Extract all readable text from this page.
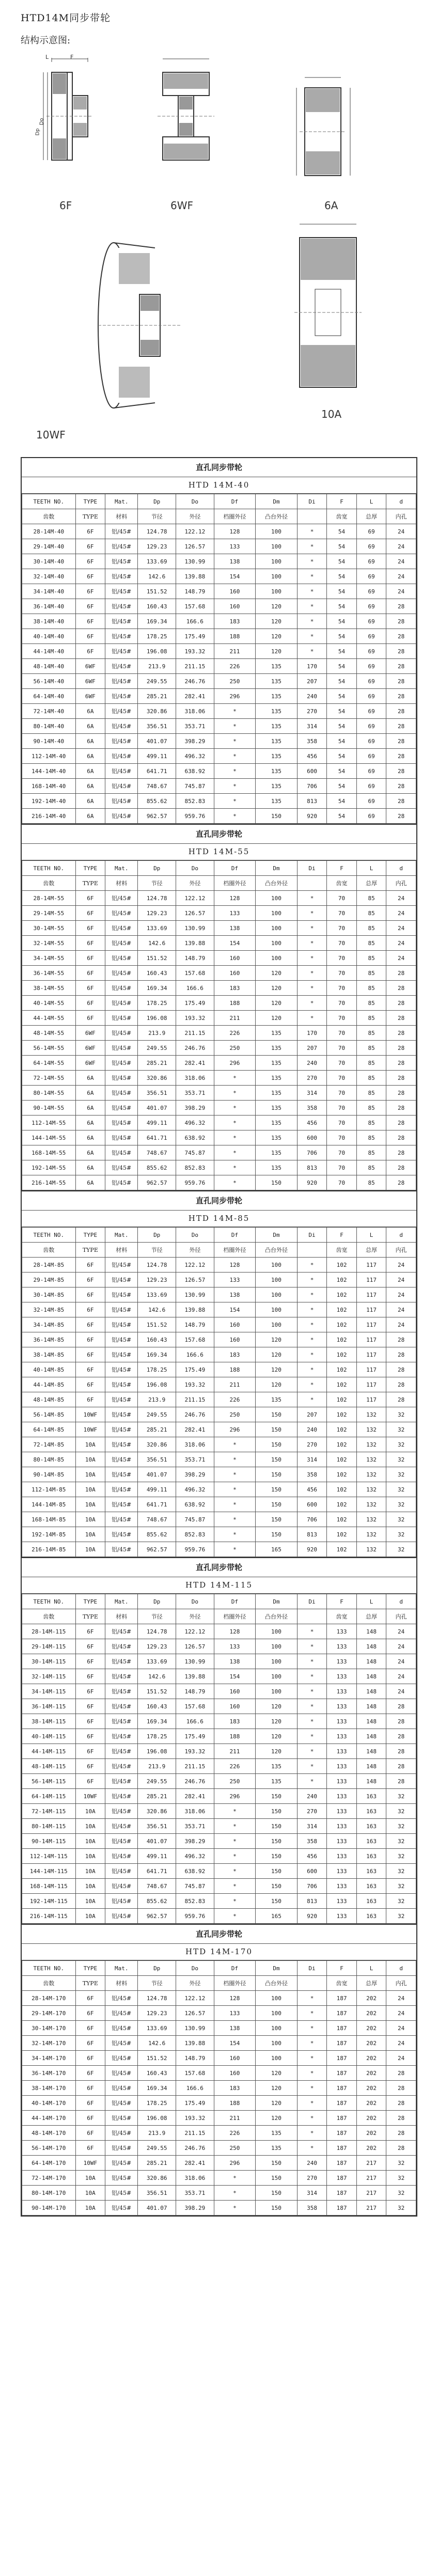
HTD14M同步带轮
结构示意图:
L	F
Dp
Do
6F	6WF	6A
10WF
10A
直孔同步带轮
HTD 14M-40
TEETH NO.	TYPE	Mat.	Dp	Do	Df	Dm	Di	F	L	d
齿数	TYPE	材料	节径	外径	档圈外径	凸台外径		齿宽	总厚	内孔
28-14M-40	6F	铝/45#	124.78	122.12	128	100	*	54	69	24
29-14M-40	6F	铝/45#	129.23	126.57	133	100	*	54	69	24
30-14M-40	6F	铝/45#	133.69	130.99	138	100	*	54	69	24
32-14M-40	6F	铝/45#	142.6	139.88	154	100	*	54	69	24
34-14M-40	6F	铝/45#	151.52	148.79	160	100	*	54	69	24
36-14M-40	6F	铝/45#	160.43	157.68	160	120	*	54	69	28
38-14M-40	6F	铝/45#	169.34	166.6	183	120	*	54	69	28
40-14M-40	6F	铝/45#	178.25	175.49	188	120	*	54	69	28
44-14M-40	6F	铝/45#	196.08	193.32	211	120	*	54	69	28
48-14M-40	6WF	铝/45#	213.9	211.15	226	135	170	54	69	28
56-14M-40	6WF	铝/45#	249.55	246.76	250	135	207	54	69	28
64-14M-40	6WF	铝/45#	285.21	282.41	296	135	240	54	69	28
72-14M-40	6A	铝/45#	320.86	318.06	*	135	270	54	69	28
80-14M-40	6A	铝/45#	356.51	353.71	*	135	314	54	69	28
90-14M-40	6A	铝/45#	401.07	398.29	*	135	358	54	69	28
112-14M-40	6A	铝/45#	499.11	496.32	*	135	456	54	69	28
144-14M-40	6A	铝/45#	641.71	638.92	*	135	600	54	69	28
168-14M-40	6A	铝/45#	748.67	745.87	*	135	706	54	69	28
192-14M-40	6A	铝/45#	855.62	852.83	*	135	813	54	69	28
216-14M-40	6A	铝/45#	962.57	959.76	*	150	920	54	69	28
直孔同步带轮
HTD 14M-55
TEETH NO.	TYPE	Mat.	Dp	Do	Df	Dm	Di	F	L	d
齿数	TYPE	材料	节径	外径	档圈外径	凸台外径		齿宽	总厚	内孔
28-14M-55	6F	铝/45#	124.78	122.12	128	100	*	70	85	24
29-14M-55	6F	铝/45#	129.23	126.57	133	100	*	70	85	24
30-14M-55	6F	铝/45#	133.69	130.99	138	100	*	70	85	24
32-14M-55	6F	铝/45#	142.6	139.88	154	100	*	70	85	24
34-14M-55	6F	铝/45#	151.52	148.79	160	100	*	70	85	24
36-14M-55	6F	铝/45#	160.43	157.68	160	120	*	70	85	28
38-14M-55	6F	铝/45#	169.34	166.6	183	120	*	70	85	28
40-14M-55	6F	铝/45#	178.25	175.49	188	120	*	70	85	28
44-14M-55	6F	铝/45#	196.08	193.32	211	120	*	70	85	28
48-14M-55	6WF	铝/45#	213.9	211.15	226	135	170	70	85	28
56-14M-55	6WF	铝/45#	249.55	246.76	250	135	207	70	85	28
64-14M-55	6WF	铝/45#	285.21	282.41	296	135	240	70	85	28
72-14M-55	6A	铝/45#	320.86	318.06	*	135	270	70	85	28
80-14M-55	6A	铝/45#	356.51	353.71	*	135	314	70	85	28
90-14M-55	6A	铝/45#	401.07	398.29	*	135	358	70	85	28
112-14M-55	6A	铝/45#	499.11	496.32	*	135	456	70	85	28
144-14M-55	6A	铝/45#	641.71	638.92	*	135	600	70	85	28
168-14M-55	6A	铝/45#	748.67	745.87	*	135	706	70	85	28
192-14M-55	6A	铝/45#	855.62	852.83	*	135	813	70	85	28
216-14M-55	6A	铝/45#	962.57	959.76	*	150	920	70	85	28
直孔同步带轮
HTD 14M-85
TEETH NO.	TYPE	Mat.	Dp	Do	Df	Dm	Di	F	L	d
齿数	TYPE	材料	节径	外径	档圈外径	凸台外径		齿宽	总厚	内孔
28-14M-85	6F	铝/45#	124.78	122.12	128	100	*	102	117	24
29-14M-85	6F	铝/45#	129.23	126.57	133	100	*	102	117	24
30-14M-85	6F	铝/45#	133.69	130.99	138	100	*	102	117	24
32-14M-85	6F	铝/45#	142.6	139.88	154	100	*	102	117	24
34-14M-85	6F	铝/45#	151.52	148.79	160	100	*	102	117	24
36-14M-85	6F	铝/45#	160.43	157.68	160	120	*	102	117	28
38-14M-85	6F	铝/45#	169.34	166.6	183	120	*	102	117	28
40-14M-85	6F	铝/45#	178.25	175.49	188	120	*	102	117	28
44-14M-85	6F	铝/45#	196.08	193.32	211	120	*	102	117	28
48-14M-85	6F	铝/45#	213.9	211.15	226	135	*	102	117	28
56-14M-85	10WF	铝/45#	249.55	246.76	250	150	207	102	132	32
64-14M-85	10WF	铝/45#	285.21	282.41	296	150	240	102	132	32
72-14M-85	10A	铝/45#	320.86	318.06	*	150	270	102	132	32
80-14M-85	10A	铝/45#	356.51	353.71	*	150	314	102	132	32
90-14M-85	10A	铝/45#	401.07	398.29	*	150	358	102	132	32
112-14M-85	10A	铝/45#	499.11	496.32	*	150	456	102	132	32
144-14M-85	10A	铝/45#	641.71	638.92	*	150	600	102	132	32
168-14M-85	10A	铝/45#	748.67	745.87	*	150	706	102	132	32
192-14M-85	10A	铝/45#	855.62	852.83	*	150	813	102	132	32
216-14M-85	10A	铝/45#	962.57	959.76	*	165	920	102	132	32
直孔同步带轮
HTD 14M-115
TEETH NO.	TYPE	Mat.	Dp	Do	Df	Dm	Di	F	L	d
齿数	TYPE	材料	节径	外径	档圈外径	凸台外径		齿宽	总厚	内孔
28-14M-115	6F	铝/45#	124.78	122.12	128	100	*	133	148	24
29-14M-115	6F	铝/45#	129.23	126.57	133	100	*	133	148	24
30-14M-115	6F	铝/45#	133.69	130.99	138	100	*	133	148	24
32-14M-115	6F	铝/45#	142.6	139.88	154	100	*	133	148	24
34-14M-115	6F	铝/45#	151.52	148.79	160	100	*	133	148	24
36-14M-115	6F	铝/45#	160.43	157.68	160	120	*	133	148	28
38-14M-115	6F	铝/45#	169.34	166.6	183	120	*	133	148	28
40-14M-115	6F	铝/45#	178.25	175.49	188	120	*	133	148	28
44-14M-115	6F	铝/45#	196.08	193.32	211	120	*	133	148	28
48-14M-115	6F	铝/45#	213.9	211.15	226	135	*	133	148	28
56-14M-115	6F	铝/45#	249.55	246.76	250	135	*	133	148	28
64-14M-115	10WF	铝/45#	285.21	282.41	296	150	240	133	163	32
72-14M-115	10A	铝/45#	320.86	318.06	*	150	270	133	163	32
80-14M-115	10A	铝/45#	356.51	353.71	*	150	314	133	163	32
90-14M-115	10A	铝/45#	401.07	398.29	*	150	358	133	163	32
112-14M-115	10A	铝/45#	499.11	496.32	*	150	456	133	163	32
144-14M-115	10A	铝/45#	641.71	638.92	*	150	600	133	163	32
168-14M-115	10A	铝/45#	748.67	745.87	*	150	706	133	163	32
192-14M-115	10A	铝/45#	855.62	852.83	*	150	813	133	163	32
216-14M-115	10A	铝/45#	962.57	959.76	*	165	920	133	163	32
直孔同步带轮
HTD 14M-170
TEETH NO.	TYPE	Mat.	Dp	Do	Df	Dm	Di	F	L	d
齿数	TYPE	材料	节径	外径	档圈外径	凸台外径		齿宽	总厚	内孔
28-14M-170	6F	铝/45#	124.78	122.12	128	100	*	187	202	24
29-14M-170	6F	铝/45#	129.23	126.57	133	100	*	187	202	24
30-14M-170	6F	铝/45#	133.69	130.99	138	100	*	187	202	24
32-14M-170	6F	铝/45#	142.6	139.88	154	100	*	187	202	24
34-14M-170	6F	铝/45#	151.52	148.79	160	100	*	187	202	24
36-14M-170	6F	铝/45#	160.43	157.68	160	120	*	187	202	28
38-14M-170	6F	铝/45#	169.34	166.6	183	120	*	187	202	28
40-14M-170	6F	铝/45#	178.25	175.49	188	120	*	187	202	28
44-14M-170	6F	铝/45#	196.08	193.32	211	120	*	187	202	28
48-14M-170	6F	铝/45#	213.9	211.15	226	135	*	187	202	28
56-14M-170	6F	铝/45#	249.55	246.76	250	135	*	187	202	28
64-14M-170	10WF	铝/45#	285.21	282.41	296	150	240	187	217	32
72-14M-170	10A	铝/45#	320.86	318.06	*	150	270	187	217	32
80-14M-170	10A	铝/45#	356.51	353.71	*	150	314	187	217	32
90-14M-170	10A	铝/45#	401.07	398.29	*	150	358	187	217	32
